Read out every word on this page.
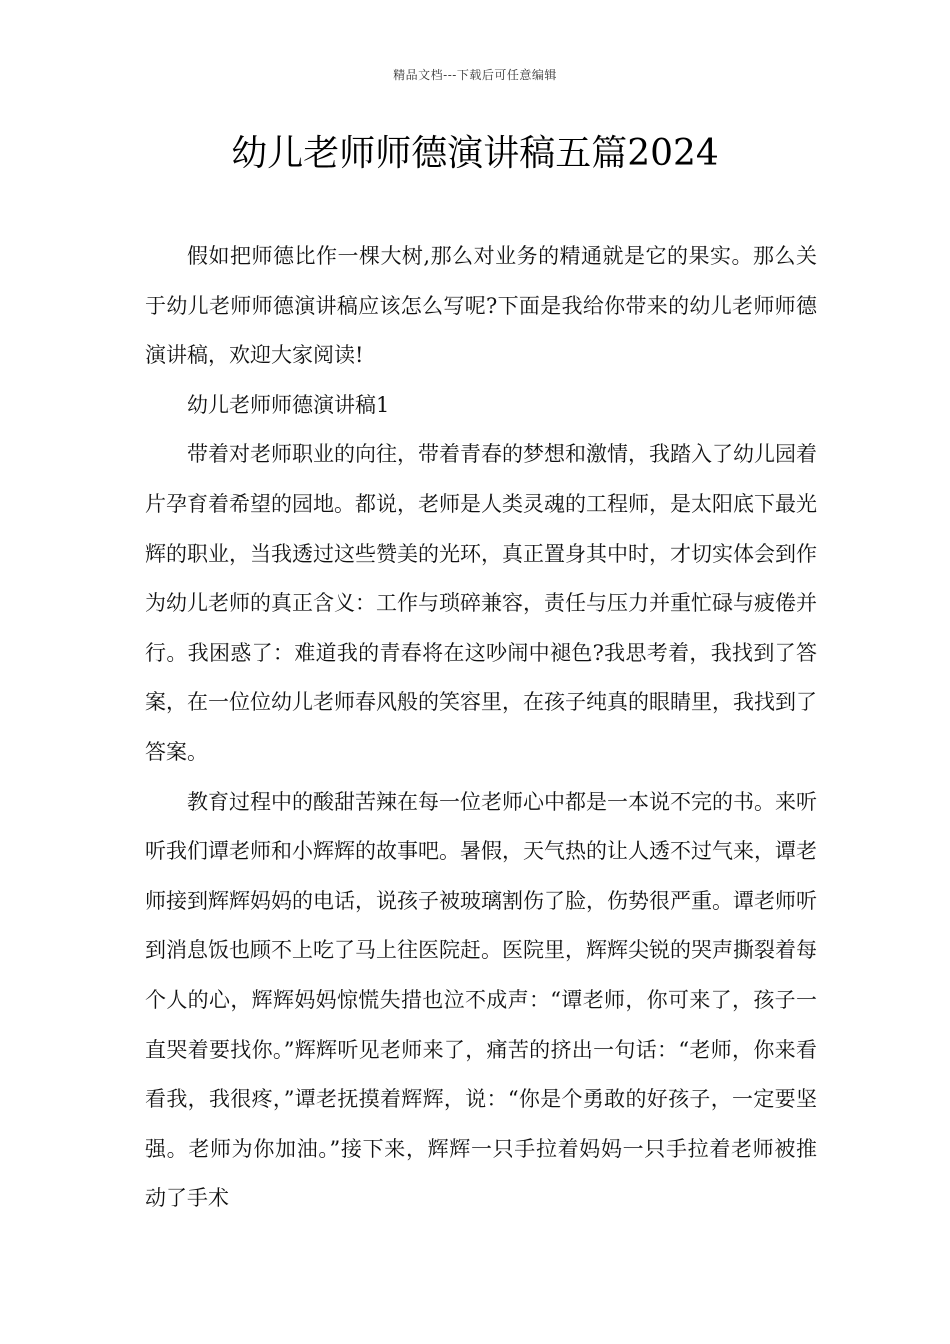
精品文档---下载后可任意编辑
幼儿老师师德演讲稿五篇2024

假如把师德比作一棵大树,那么对业务的精通就是它的果实。那么关于幼儿老师师德演讲稿应该怎么写呢?下面是我给你带来的幼儿老师师德演讲稿，欢迎大家阅读!

幼儿老师师德演讲稿1

带着对老师职业的向往，带着青春的梦想和激情，我踏入了幼儿园着片孕育着希望的园地。都说，老师是人类灵魂的工程师，是太阳底下最光辉的职业，当我透过这些赞美的光环，真正置身其中时，才切实体会到作为幼儿老师的真正含义：工作与琐碎兼容，责任与压力并重忙碌与疲倦并行。我困惑了：难道我的青春将在这吵闹中褪色?我思考着，我找到了答案，在一位位幼儿老师春风般的笑容里，在孩子纯真的眼睛里，我找到了答案。

教育过程中的酸甜苦辣在每一位老师心中都是一本说不完的书。来听听我们谭老师和小辉辉的故事吧。暑假，天气热的让人透不过气来，谭老师接到辉辉妈妈的电话，说孩子被玻璃割伤了脸，伤势很严重。谭老师听到消息饭也顾不上吃了马上往医院赶。医院里，辉辉尖锐的哭声撕裂着每个人的心，辉辉妈妈惊慌失措也泣不成声：“谭老师，你可来了，孩子一直哭着要找你。”辉辉听见老师来了，痛苦的挤出一句话：“老师，你来看看我，我很疼，”谭老抚摸着辉辉，说：“你是个勇敢的好孩子，一定要坚强。老师为你加油。”接下来，辉辉一只手拉着妈妈一只手拉着老师被推动了手术
